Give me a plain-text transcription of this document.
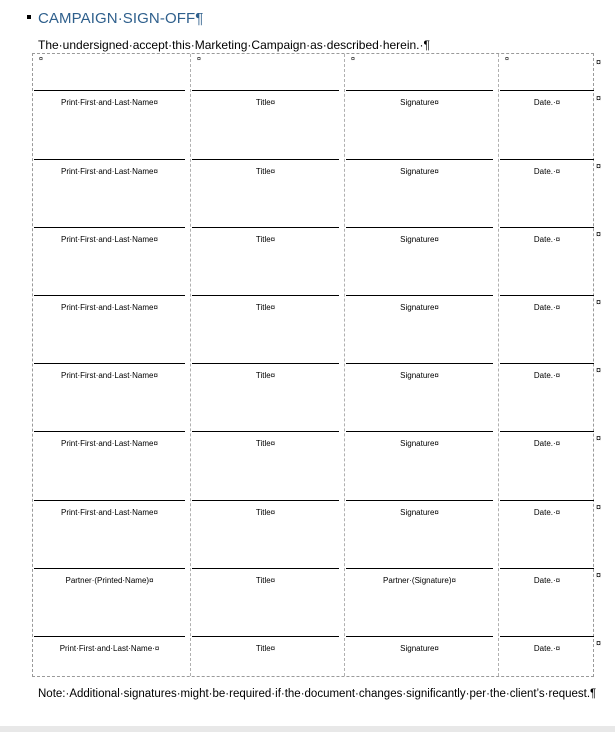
CAMPAIGN·SIGN-OFF¶
The·undersigned·accept·this·Marketing·Campaign·as·described·herein.·¶
¤	¤	¤	¤
Print·First·and·Last·Name¤	Title¤	Signature¤	Date.·¤	¤
Print·First·and·Last·Name¤	Title¤	Signature¤	Date.·¤
¤
Print·First·and·Last·Name¤	Title¤	Signature¤	Date.·¤
¤
Print·First·and·Last·Name¤	Title¤	Signature¤	Date.·¤
¤
Print·First·and·Last·Name¤	Title¤	Signature¤	Date.·¤
¤
Print·First·and·Last·Name¤	Title¤	Signature¤	Date.·¤
¤
Print·First·and·Last·Name¤	Title¤	Signature¤	Date.·¤
¤
Partner·(Printed·Name)¤	Title¤	Partner·(Signature)¤	Date.·¤
¤
Print·First·and·Last·Name·¤	Title¤	Signature¤	Date.·¤
¤
¤
Note:·Additional·signatures·might·be·required·if·the·document·changes·significantly·per·the·client’s·request.¶
